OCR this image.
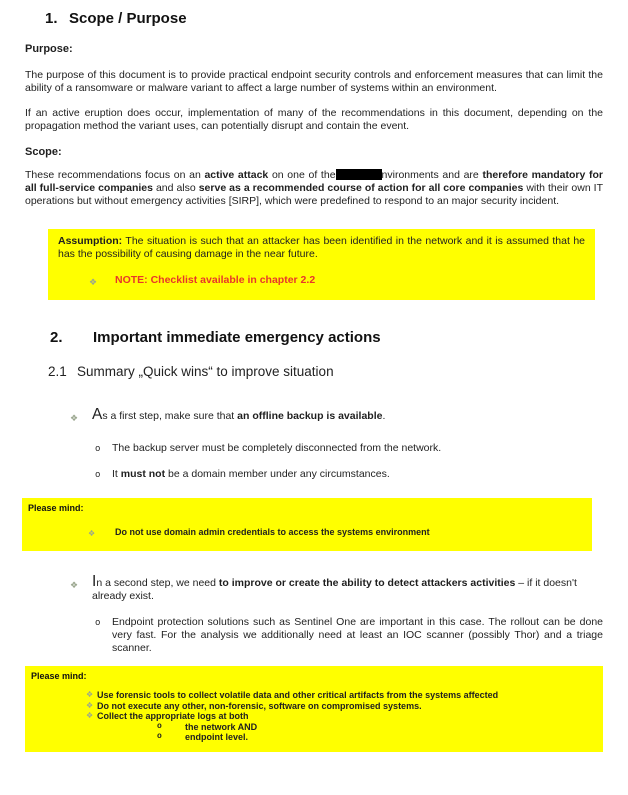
1. Scope / Purpose
Purpose:

The purpose of this document is to provide practical endpoint security controls and enforcement measures that can limit the ability of a ransomware or malware variant to affect a large number of systems within an environment.

If an active eruption does occur, implementation of many of the recommendations in this document, depending on the propagation method the variant uses, can potentially disrupt and contain the event.

Scope:

These recommendations focus on an active attack on one of the	nvironments and are therefore mandatory for all full-service companies and also serve as a recommended course of action for all core companies with their own IT operations but without emergency activities [SIRP], which were predefined to respond to an major security incident.

Assumption: The situation is such that an attacker has been identified in the network and it is assumed that he has the possibility of causing damage in the near future.

❖	NOTE: Checklist available in chapter 2.2
2.	Important immediate emergency actions
2.1 Summary „Quick wins“ to improve situation
❖ As a first step, make sure that an offline backup is available.
o	The backup server must be completely disconnected from the network.
o	It must not be a domain member under any circumstances.
Please mind:
❖	Do not use domain admin credentials to access the systems environment
❖ In a second step, we need to improve or create the ability to detect attackers activities – if it doesn't already exist.
o	Endpoint protection solutions such as Sentinel One are important in this case. The rollout can be done very fast. For the analysis we additionally need at least an IOC scanner (possibly Thor) and a triage scanner.
Please mind:
❖ Use forensic tools to collect volatile data and other critical artifacts from the systems affected
❖ Do not execute any other, non-forensic, software on compromised systems.
❖ Collect the appropriate logs at both
o	the network AND
o	endpoint level.
